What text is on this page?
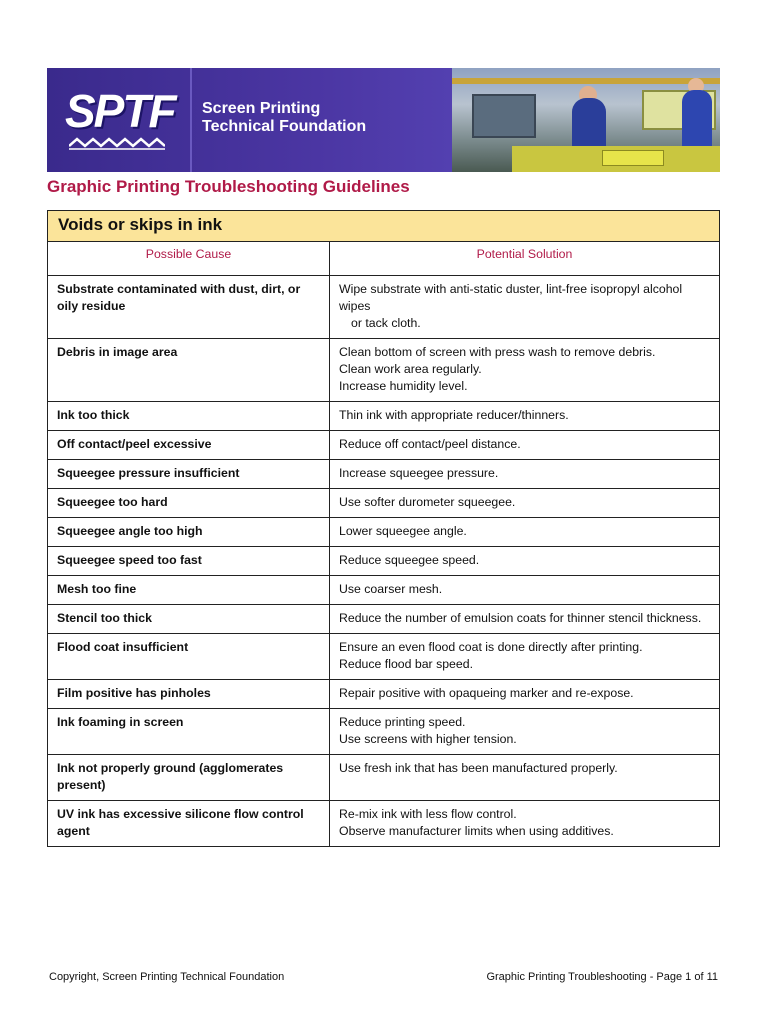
SPTF Screen Printing
Technical Foundation
Graphic Printing Troubleshooting Guidelines
Voids or skips in ink	
Possible Cause	Potential Solution
Substrate contaminated with dust, dirt, or oily residue	Wipe substrate with anti-static duster, lint-free isopropyl alcohol wipes
or tack cloth.

Debris in image area	Clean bottom of screen with press wash to remove debris.
Clean work area regularly.
Increase humidity level.

Ink too thick	Thin ink with appropriate reducer/thinners.

Off contact/peel excessive	Reduce off contact/peel distance.

Squeegee pressure insufficient	Increase squeegee pressure.

Squeegee too hard	Use softer durometer squeegee.

Squeegee angle too high	Lower squeegee angle.

Squeegee speed too fast	Reduce squeegee speed.

Mesh too fine	Use coarser mesh.

Stencil too thick	Reduce the number of emulsion coats for thinner stencil thickness.

Flood coat insufficient	Ensure an even flood coat is done directly after printing.
Reduce flood bar speed.

Film positive has pinholes	Repair positive with opaqueing marker and re-expose.

Ink foaming in screen	Reduce printing speed.
Use screens with higher tension.

Ink not properly ground (agglomerates present)	Use fresh ink that has been manufactured properly.

UV ink has excessive silicone flow control agent	Re-mix ink with less flow control.
Observe manufacturer limits when using additives.
Copyright, Screen Printing Technical Foundation	Graphic Printing Troubleshooting - Page 1 of 11
